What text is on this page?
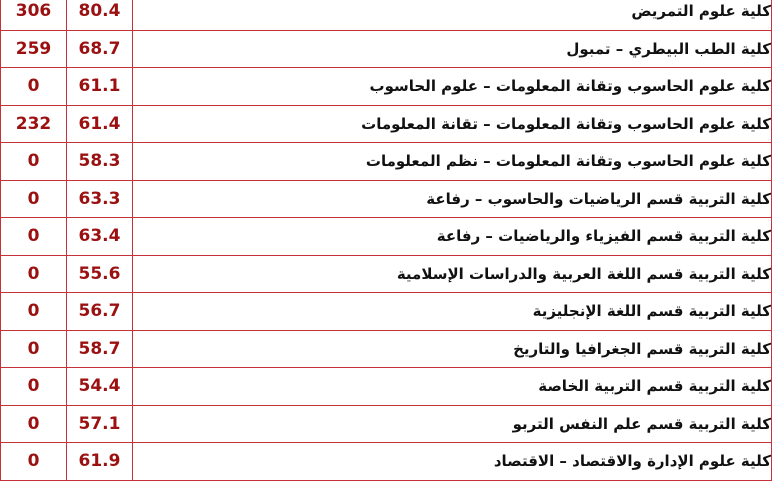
306	80.4	كلية علوم التمريض
259	68.7	كلية الطب البيطري – تمبول
0	61.1	كلية علوم الحاسوب وتقانة المعلومات – علوم الحاسوب
232	61.4	كلية علوم الحاسوب وتقانة المعلومات – تقانة المعلومات
0	58.3	كلية علوم الحاسوب وتقانة المعلومات – نظم المعلومات
0	63.3	كلية التربية قسم الرياضيات والحاسوب – رفاعة
0	63.4	كلية التربية قسم الفيزياء والرياضيات – رفاعة
0	55.6	كلية التربية قسم اللغة العربية والدراسات الإسلامية
0	56.7	كلية التربية قسم اللغة الإنجليزية
0	58.7	كلية التربية قسم الجغرافيا والتاريخ
0	54.4	كلية التربية قسم التربية الخاصة
0	57.1	كلية التربية قسم علم النفس التربو
0	61.9	كلية علوم الإدارة والاقتصاد – الاقتصاد
